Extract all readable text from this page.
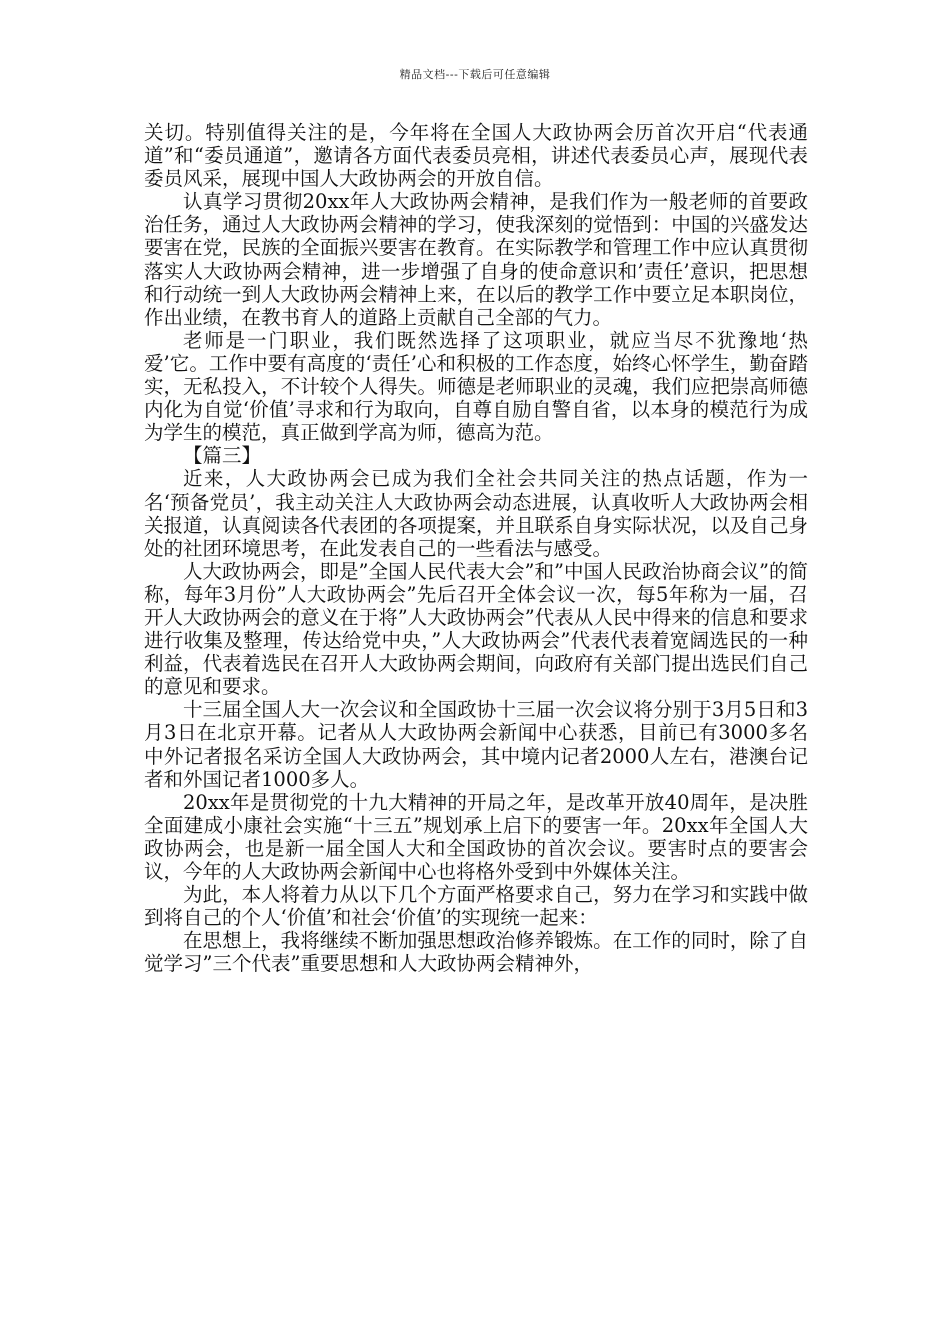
精品文档---下载后可任意编辑

关切。特别值得关注的是，今年将在全国人大政协两会历首次开启“代表通道”和“委员通道”，邀请各方面代表委员亮相，讲述代表委员心声，展现代表委员风采，展现中国人大政协两会的开放自信。

认真学习贯彻20xx年人大政协两会精神，是我们作为一般老师的首要政治任务，通过人大政协两会精神的学习，使我深刻的觉悟到：中国的兴盛发达要害在党，民族的全面振兴要害在教育。在实际教学和管理工作中应认真贯彻落实人大政协两会精神，进一步增强了自身的使命意识和’责任’意识，把思想和行动统一到人大政协两会精神上来，在以后的教学工作中要立足本职岗位，作出业绩，在教书育人的道路上贡献自己全部的气力。

老师是一门职业，我们既然选择了这项职业，就应当尽不犹豫地‘热爱’它。工作中要有高度的‘责任’心和积极的工作态度，始终心怀学生，勤奋踏实，无私投入，不计较个人得失。师德是老师职业的灵魂，我们应把崇高师德内化为自觉‘价值’寻求和行为取向，自尊自励自警自省，以本身的模范行为成为学生的模范，真正做到学高为师，德高为范。

【篇三】

近来，人大政协两会已成为我们全社会共同关注的热点话题，作为一名‘预备党员’，我主动关注人大政协两会动态进展，认真收听人大政协两会相关报道，认真阅读各代表团的各项提案，并且联系自身实际状况，以及自己身处的社团环境思考，在此发表自己的一些看法与感受。

人大政协两会，即是”全国人民代表大会”和”中国人民政治协商会议”的简称，每年3月份”人大政协两会”先后召开全体会议一次，每5年称为一届，召开人大政协两会的意义在于将”人大政协两会”代表从人民中得来的信息和要求进行收集及整理，传达给党中央，”人大政协两会”代表代表着宽阔选民的一种利益，代表着选民在召开人大政协两会期间，向政府有关部门提出选民们自己的意见和要求。

十三届全国人大一次会议和全国政协十三届一次会议将分别于3月5日和3月3日在北京开幕。记者从人大政协两会新闻中心获悉，目前已有3000多名中外记者报名采访全国人大政协两会，其中境内记者2000人左右，港澳台记者和外国记者1000多人。

20xx年是贯彻党的十九大精神的开局之年，是改革开放40周年，是决胜全面建成小康社会实施“十三五”规划承上启下的要害一年。20xx年全国人大政协两会，也是新一届全国人大和全国政协的首次会议。要害时点的要害会议，今年的人大政协两会新闻中心也将格外受到中外媒体关注。

为此，本人将着力从以下几个方面严格要求自己，努力在学习和实践中做到将自己的个人‘价值’和社会‘价值’的实现统一起来：

在思想上，我将继续不断加强思想政治修养锻炼。在工作的同时，除了自觉学习”三个代表”重要思想和人大政协两会精神外，
